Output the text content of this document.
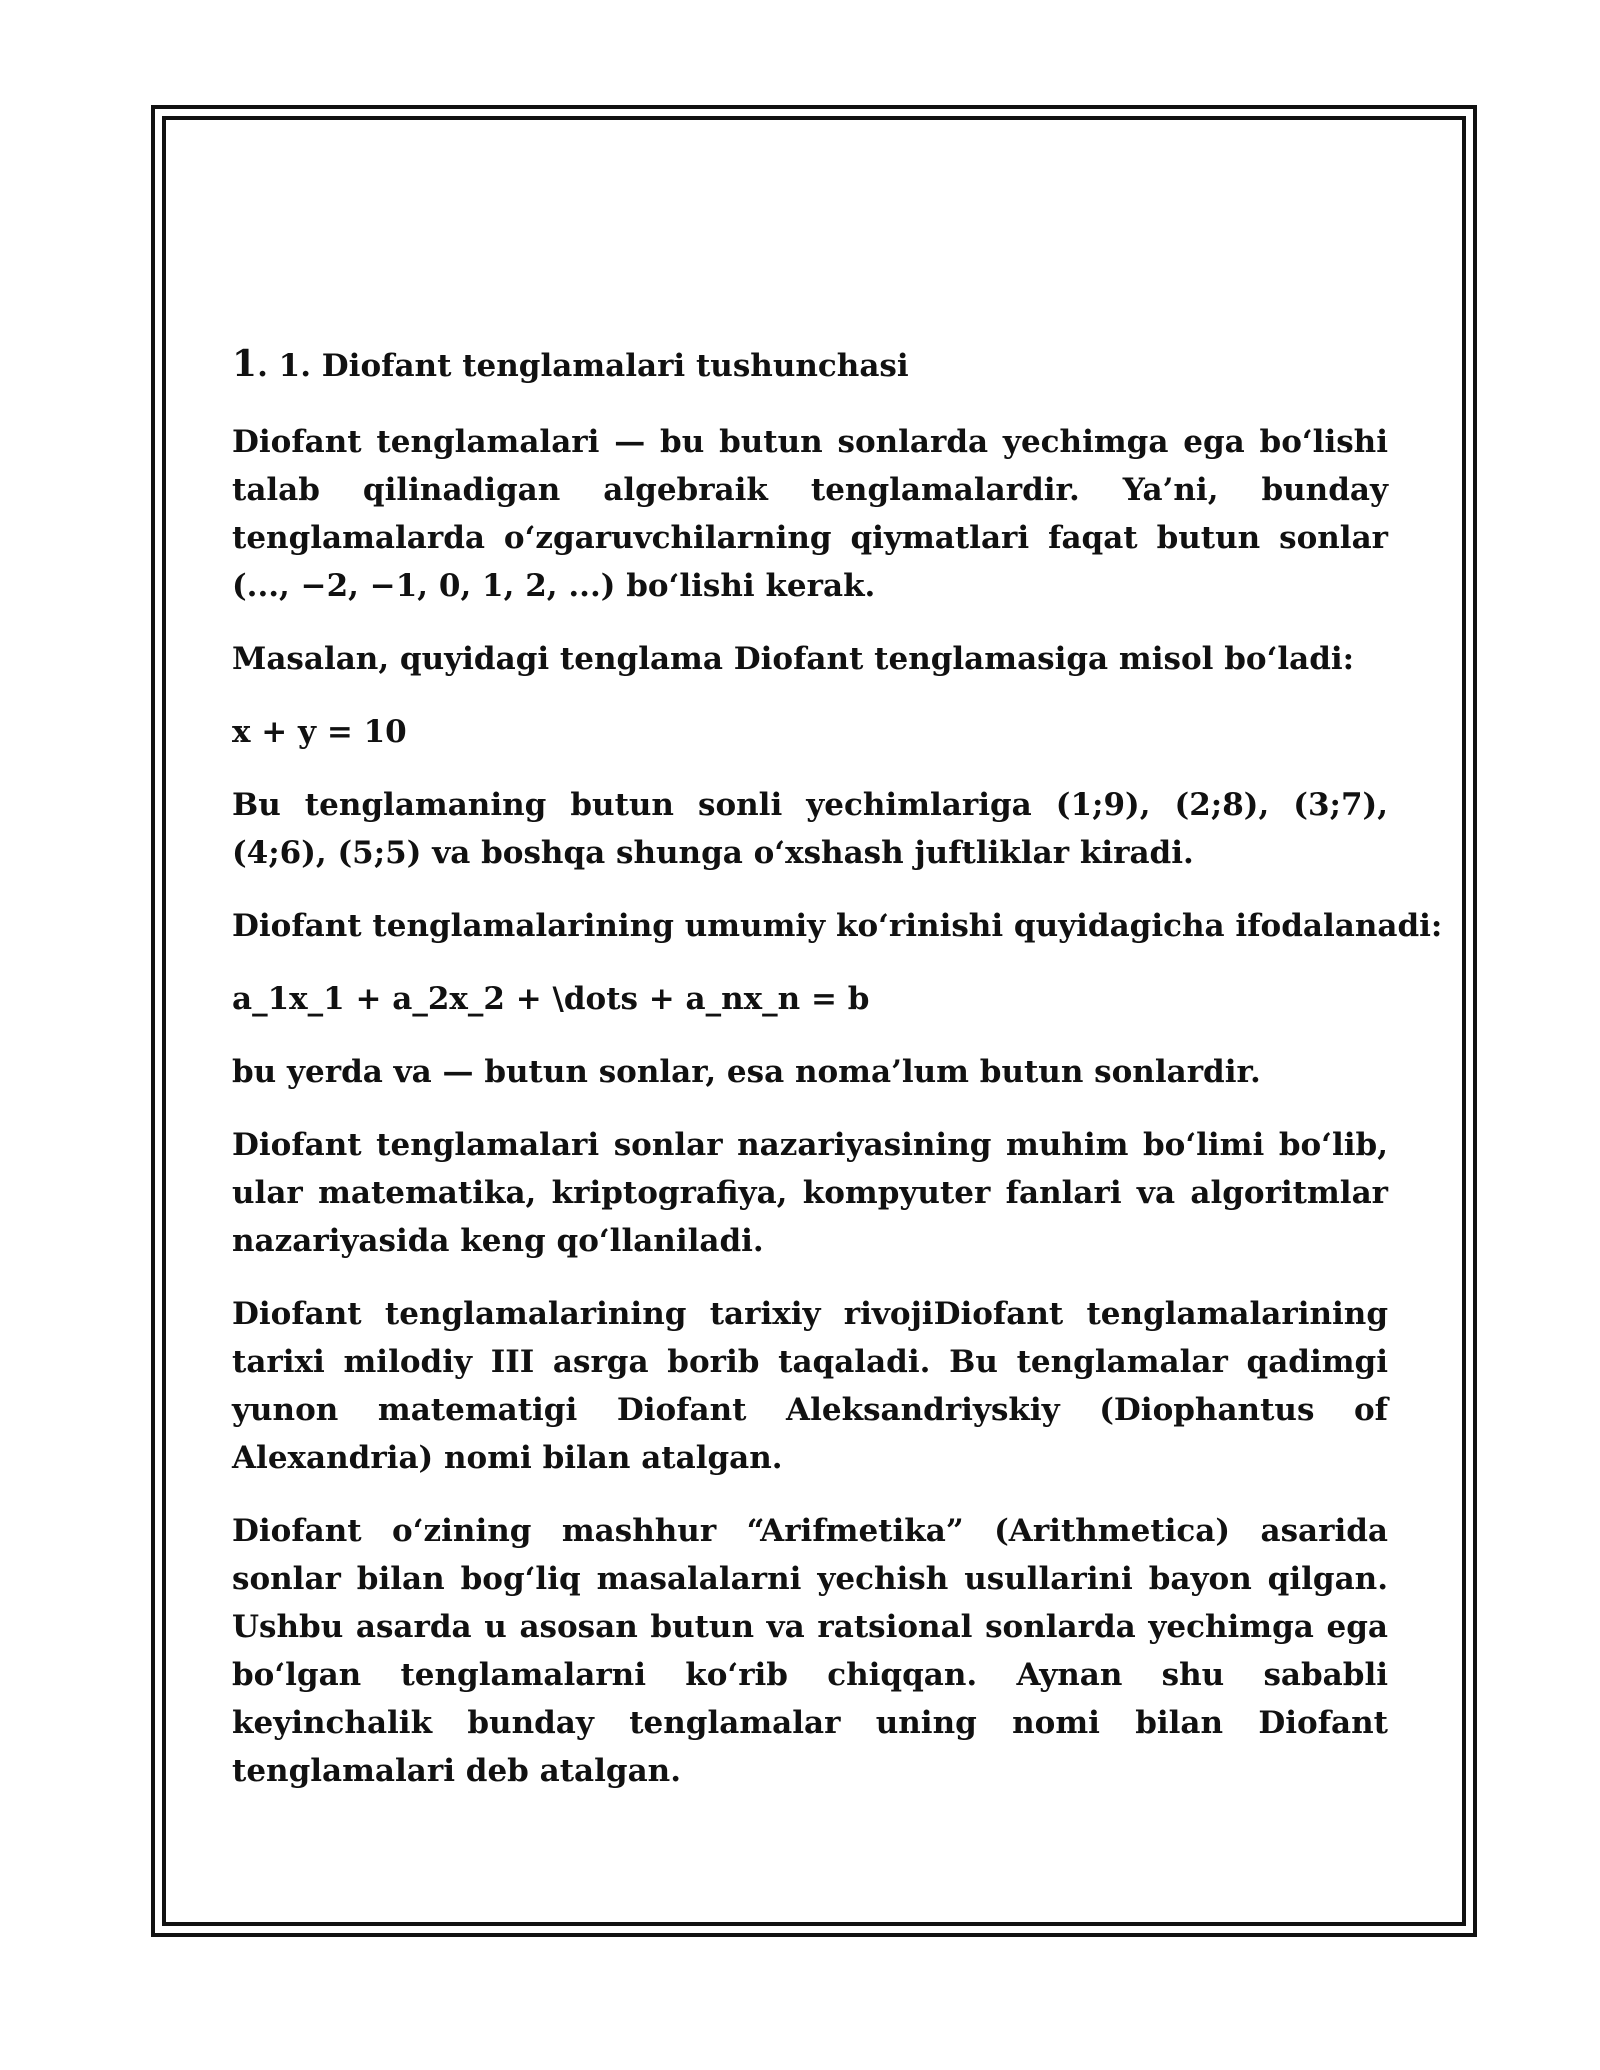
1. 1. Diofant tenglamalari tushunchasi

Diofant tenglamalari — bu butun sonlarda yechimga ega bo‘lishi talab qilinadigan algebraik tenglamalardir. Ya’ni, bunday tenglamalarda o‘zgaruvchilarning qiymatlari faqat butun sonlar (..., −2, −1, 0, 1, 2, ...) bo‘lishi kerak.

Masalan, quyidagi tenglama Diofant tenglamasiga misol bo‘ladi:

x + y = 10

Bu tenglamaning butun sonli yechimlariga (1;9), (2;8), (3;7), (4;6), (5;5) va boshqa shunga o‘xshash juftliklar kiradi.

Diofant tenglamalarining umumiy ko‘rinishi quyidagicha ifodalanadi:

a_1x_1 + a_2x_2 + \dots + a_nx_n = b

bu yerda va — butun sonlar, esa noma’lum butun sonlardir.

Diofant tenglamalari sonlar nazariyasining muhim bo‘limi bo‘lib, ular matematika, kriptografiya, kompyuter fanlari va algoritmlar nazariyasida keng qo‘llaniladi.

Diofant tenglamalarining tarixiy rivojiDiofant tenglamalarining tarixi milodiy III asrga borib taqaladi. Bu tenglamalar qadimgi yunon matematigi Diofant Aleksandriyskiy (Diophantus of Alexandria) nomi bilan atalgan.

Diofant o‘zining mashhur “Arifmetika” (Arithmetica) asarida sonlar bilan bog‘liq masalalarni yechish usullarini bayon qilgan. Ushbu asarda u asosan butun va ratsional sonlarda yechimga ega bo‘lgan tenglamalarni ko‘rib chiqqan. Aynan shu sababli keyinchalik bunday tenglamalar uning nomi bilan Diofant tenglamalari deb atalgan.
